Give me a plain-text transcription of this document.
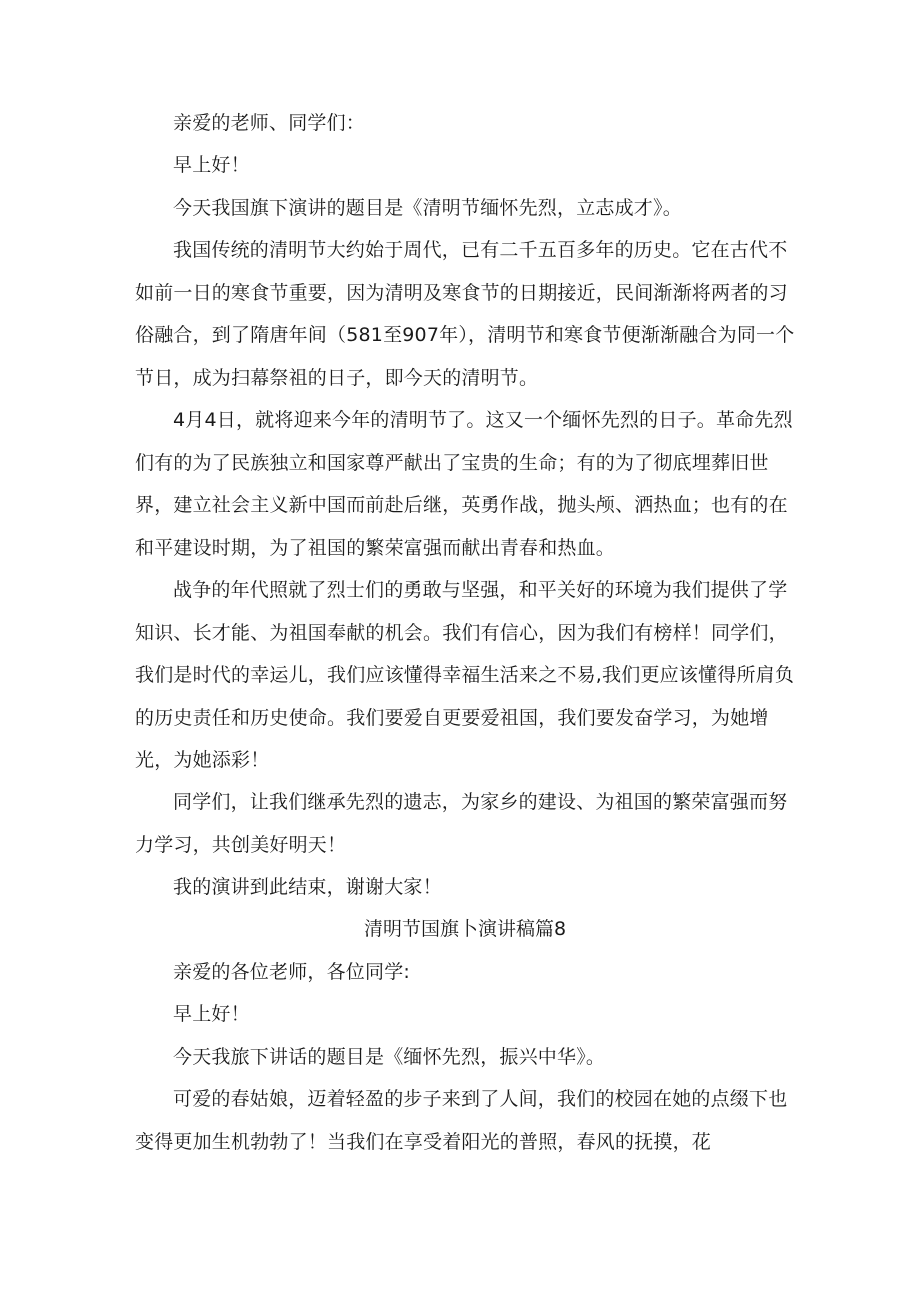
亲爱的老师、同学们：

早上好！

今天我国旗下演讲的题目是《清明节缅怀先烈，立志成才》。

我国传统的清明节大约始于周代，已有二千五百多年的历史。它在古代不如前一日的寒食节重要，因为清明及寒食节的日期接近，民间渐渐将两者的习俗融合，到了隋唐年间（581至907年），清明节和寒食节便渐渐融合为同一个节日，成为扫幕祭祖的日子，即今天的清明节。

4月4日，就将迎来今年的清明节了。这又一个缅怀先烈的日子。革命先烈们有的为了民族独立和国家尊严献出了宝贵的生命；有的为了彻底埋葬旧世界，建立社会主义新中国而前赴后继，英勇作战，抛头颅、洒热血；也有的在和平建设时期，为了祖国的繁荣富强而献出青春和热血。

战争的年代照就了烈士们的勇敢与坚强，和平关好的环境为我们提供了学知识、长才能、为祖国奉献的机会。我们有信心，因为我们有榜样！同学们，我们是时代的幸运儿，我们应该懂得幸福生活来之不易,我们更应该懂得所肩负的历史责任和历史使命。我们要爱自更要爱祖国，我们要发奋学习，为她增光，为她添彩！

同学们，让我们继承先烈的遗志，为家乡的建设、为祖国的繁荣富强而努力学习，共创美好明天！

我的演讲到此结束，谢谢大家！

清明节国旗卜演讲稿篇8

亲爱的各位老师，各位同学:

早上好！

今天我旅下讲话的题目是《缅怀先烈，振兴中华》。

可爱的春姑娘，迈着轻盈的步子来到了人间，我们的校园在她的点缀下也变得更加生机勃勃了！当我们在享受着阳光的普照，春风的抚摸，花
